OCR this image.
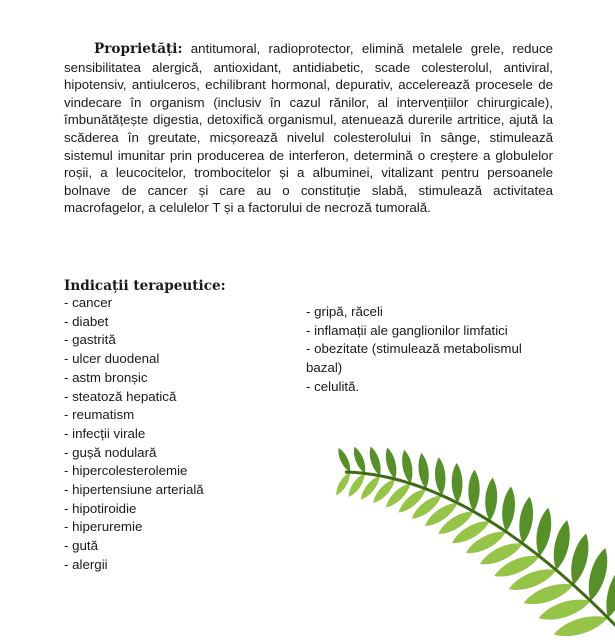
Proprietăți: antitumoral, radioprotector, elimină metalele grele, reduce sensibilitatea alergică, antioxidant, antidiabetic, scade colesterolul, antiviral, hipotensiv, antiulceros, echilibrant hormonal, depurativ, accelerează procesele de vindecare în organism (inclusiv în cazul rănilor, al intervențiilor chirurgicale), îmbunătățește digestia, detoxifică organismul, atenuează durerile artritice, ajută la scăderea în greutate, micșorează nivelul colesterolului în sânge, stimulează sistemul imunitar prin producerea de interferon, determină o creștere a globulelor roșii, a leucocitelor, trombocitelor și a albuminei, vitalizant pentru persoanele bolnave de cancer și care au o constituție slabă, stimulează activitatea macrofagelor, a celulelor T și a factorului de necroză tumorală.

Indicații terapeutice:
- cancer
- diabet
- gastrită
- ulcer duodenal
- astm bronșic
- steatoză hepatică
- reumatism
- infecții virale
- gușă nodulară
- hipercolesterolemie
- hipertensiune arterială
- hipotiroidie
- hiperuremie
- gută
- alergii
- gripă, răceli
- inflamații ale ganglionilor limfatici
- obezitate (stimulează metabolismul bazal)
- celulită.
